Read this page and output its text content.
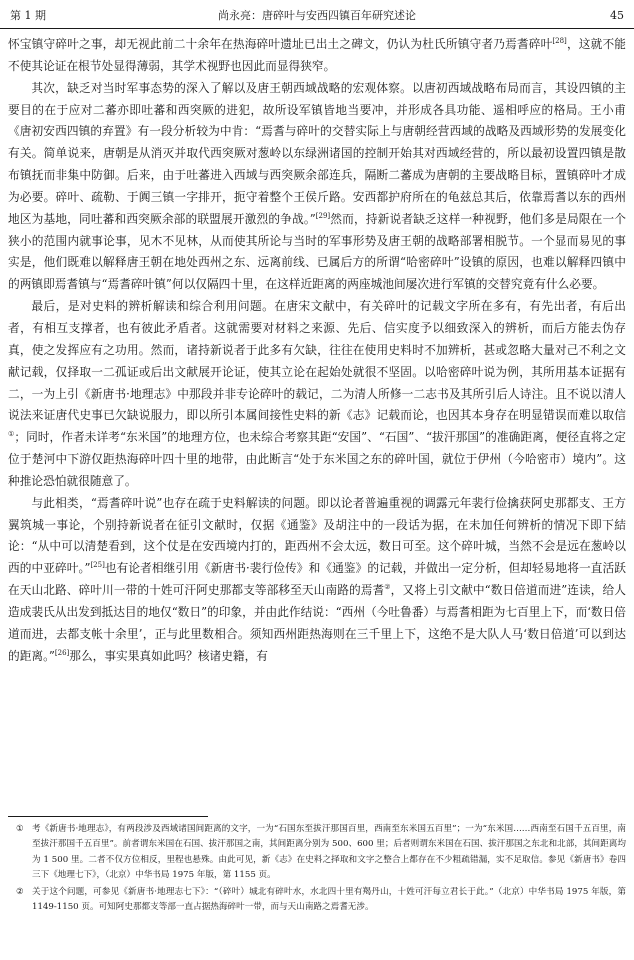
第 1 期	尚永亮：唐碎叶与安西四镇百年研究述论	45

怀宝镇守碎叶之事，却无视此前二十余年在热海碎叶遗址已出土之碑文，仍认为杜氏所镇守者乃焉耆碎叶[28]，这就不能不使其论证在根节处显得薄弱，其学术视野也因此而显得狭窄。

其次，缺乏对当时军事态势的深入了解以及唐王朝西域战略的宏观体察。以唐初西域战略布局而言，其设四镇的主要目的在于应对二蕃亦即吐蕃和西突厥的进犯，故所设军镇皆地当要冲，并形成各具功能、遥相呼应的格局。王小甫《唐初安西四镇的弃置》有一段分析较为中肯：“焉耆与碎叶的交替实际上与唐朝经营西域的战略及西域形势的发展变化有关。简单说来，唐朝是从消灭并取代西突厥对葱岭以东绿洲诸国的控制开始其对西域经营的，所以最初设置四镇是散布镇抚而非集中防御。后来，由于吐蕃进入西域与西突厥余部连兵，隔断二蕃成为唐朝的主要战略目标，置镇碎叶才成为必要。碎叶、疏勒、于阗三镇一字排开，扼守着整个王侯斤路。安西都护府所在的龟兹总其后，依靠焉耆以东的西州地区为基地，同吐蕃和西突厥余部的联盟展开激烈的争战。”[29]然而，持新说者缺乏这样一种视野，他们多是局限在一个狭小的范围内就事论事，见木不见林，从而使其所论与当时的军事形势及唐王朝的战略部署相脱节。一个显而易见的事实是，他们既难以解释唐王朝在地处西州之东、远离前线、已属后方的所谓“哈密碎叶”设镇的原因，也难以解释四镇中的两镇即焉耆镇与“焉耆碎叶镇”何以仅隔四十里，在这样近距离的两座城池间屡次进行军镇的交替究竟有什么必要。

最后，是对史料的辨析解读和综合利用问题。在唐宋文献中，有关碎叶的记载文字所在多有，有先出者，有后出者，有相互支撑者，也有彼此矛盾者。这就需要对材料之来源、先后、信实度予以细致深入的辨析，而后方能去伪存真，使之发挥应有之功用。然而，诸持新说者于此多有欠缺，往往在使用史料时不加辨析，甚或忽略大量对己不利之文献记载，仅择取一二孤证或后出文献展开论证，使其立论在起始处就很不坚固。以哈密碎叶说为例，其所用基本证据有二，一为上引《新唐书·地理志》中那段并非专论碎叶的载记，二为清人所修一二志书及其所引后人诗注。且不说以清人说法来证唐代史事已欠缺说服力，即以所引本属间接性史料的新《志》记载而论，也因其本身存在明显错误而难以取信①；同时，作者未详考“东米国”的地理方位，也未综合考察其距“安国”、“石国”、“拔汗那国”的准确距离，便径直将之定位于楚河中下游仅距热海碎叶四十里的地带，由此断言“处于东米国之东的碎叶国，就位于伊州（今哈密市）境内”。这种推论恐怕就很随意了。

与此相类，“焉耆碎叶说”也存在疏于史料解读的问题。即以论者普遍重视的调露元年裴行俭擒获阿史那都支、王方翼筑城一事论，个别持新说者在征引文献时，仅据《通鉴》及胡注中的一段话为据，在未加任何辨析的情况下即下結论：“从中可以清楚看到，这个仗是在安西境内打的，距西州不会太远，数日可至。这个碎叶城，当然不会是远在葱岭以西的中亚碎叶。”[25]也有论者相继引用《新唐书·裴行俭传》和《通鉴》的记载，并做出一定分析，但却轻易地将一直活跃在天山北路、碎叶川一带的十姓可汗阿史那都支等部移至天山南路的焉耆②，又将上引文献中“数日倍道而进”连读，给人造成裴氏从出发到抵达目的地仅“数日”的印象，并由此作结说：“西州（今吐鲁番）与焉耆相距为七百里上下，而‘数日倍道而进，去都支帐十余里’，正与此里数相合。须知西州距热海则在三千里上下，这绝不是大队人马‘数日倍道’可以到达的距离。”[26]那么，事实果真如此吗？核诸史籍，有

① 考《新唐书·地理志》，有两段涉及西域诸国间距离的文字，一为“石国东至拔汗那国百里，西南至东米国五百里”；一为“东米国……西南至石国千五百里，南至拔汗那国千五百里”。前者谓东米国在石国、拔汗那国之南，其间距离分别为 500、600 里；后者则谓东米国在石国、拔汗那国之东北和北部，其间距离均为 1 500 里。二者不仅方位相反，里程也悬殊。由此可见，新《志》在史料之择取和文字之整合上都存在不少粗疏错漏，实不足取信。参见《新唐书》卷四三下《地理七下》，（北京）中华书局 1975 年版，第 1155 页。
② 关于这个问题，可参见《新唐书·地理志七下》：“（碎叶）城北有碎叶水，水北四十里有羯丹山，十姓可汗每立君长于此。”（北京）中华书局 1975 年版，第 1149-1150 页。可知阿史那都支等部一直占据热海碎叶一带，而与天山南路之焉耆无涉。
